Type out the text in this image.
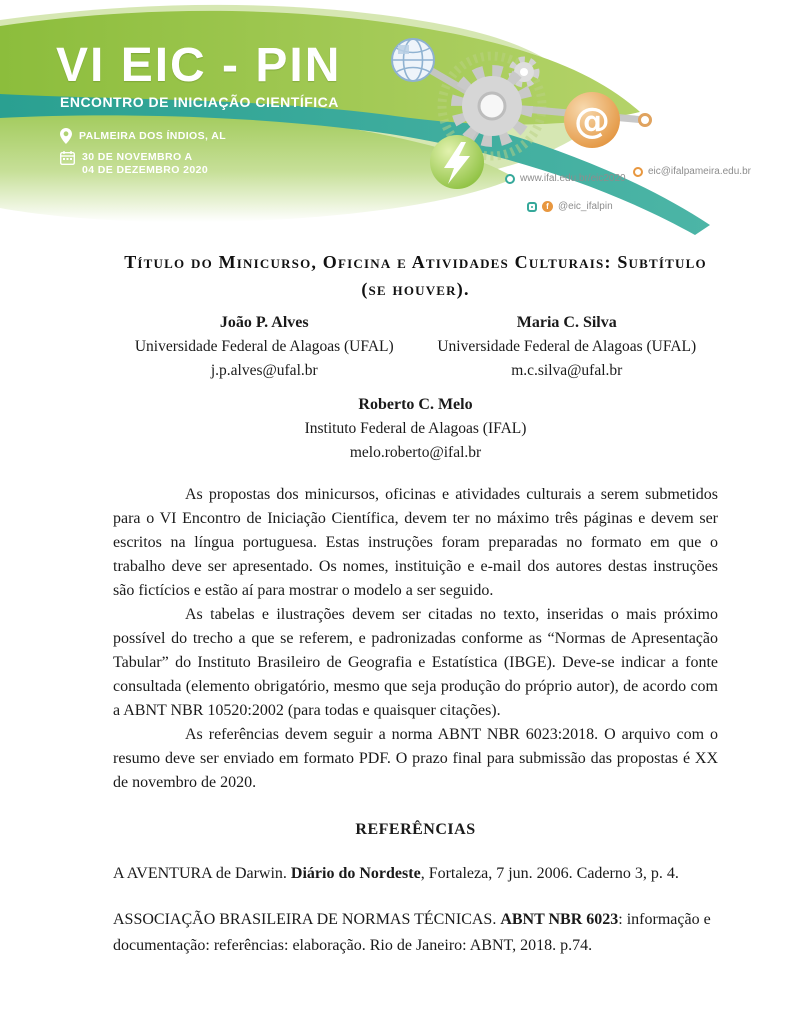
@
VI EIC - PIN
ENCONTRO DE INICIAÇÃO CIENTÍFICA
PALMEIRA DOS ÍNDIOS, AL
30 DE NOVEMBRO A
04 DE DEZEMBRO 2020
www.ifal.edu.br/eic2020
eic@ifalpameira.edu.br
f @eic_ifalpin
Título do Minicurso, Oficina e Atividades Culturais: Subtítulo (se houver).
João P. Alves
Universidade Federal de Alagoas (UFAL)
j.p.alves@ufal.br
Maria C. Silva
Universidade Federal de Alagoas (UFAL)
m.c.silva@ufal.br
Roberto C. Melo
Instituto Federal de Alagoas (IFAL)
melo.roberto@ifal.br

As propostas dos minicursos, oficinas e atividades culturais a serem submetidos para o VI Encontro de Iniciação Científica, devem ter no máximo três páginas e devem ser escritos na língua portuguesa. Estas instruções foram preparadas no formato em que o trabalho deve ser apresentado. Os nomes, instituição e e-mail dos autores destas instruções são fictícios e estão aí para mostrar o modelo a ser seguido.

As tabelas e ilustrações devem ser citadas no texto, inseridas o mais próximo possível do trecho a que se referem, e padronizadas conforme as “Normas de Apresentação Tabular” do Instituto Brasileiro de Geografia e Estatística (IBGE). Deve-se indicar a fonte consultada (elemento obrigatório, mesmo que seja produção do próprio autor), de acordo com a ABNT NBR 10520:2002 (para todas e quaisquer citações).

As referências devem seguir a norma ABNT NBR 6023:2018. O arquivo com o resumo deve ser enviado em formato PDF. O prazo final para submissão das propostas é XX de novembro de 2020.

REFERÊNCIAS

A AVENTURA de Darwin. Diário do Nordeste, Fortaleza, 7 jun. 2006. Caderno 3, p. 4.

ASSOCIAÇÃO BRASILEIRA DE NORMAS TÉCNICAS. ABNT NBR 6023: informação e documentação: referências: elaboração. Rio de Janeiro: ABNT, 2018. p.74.
